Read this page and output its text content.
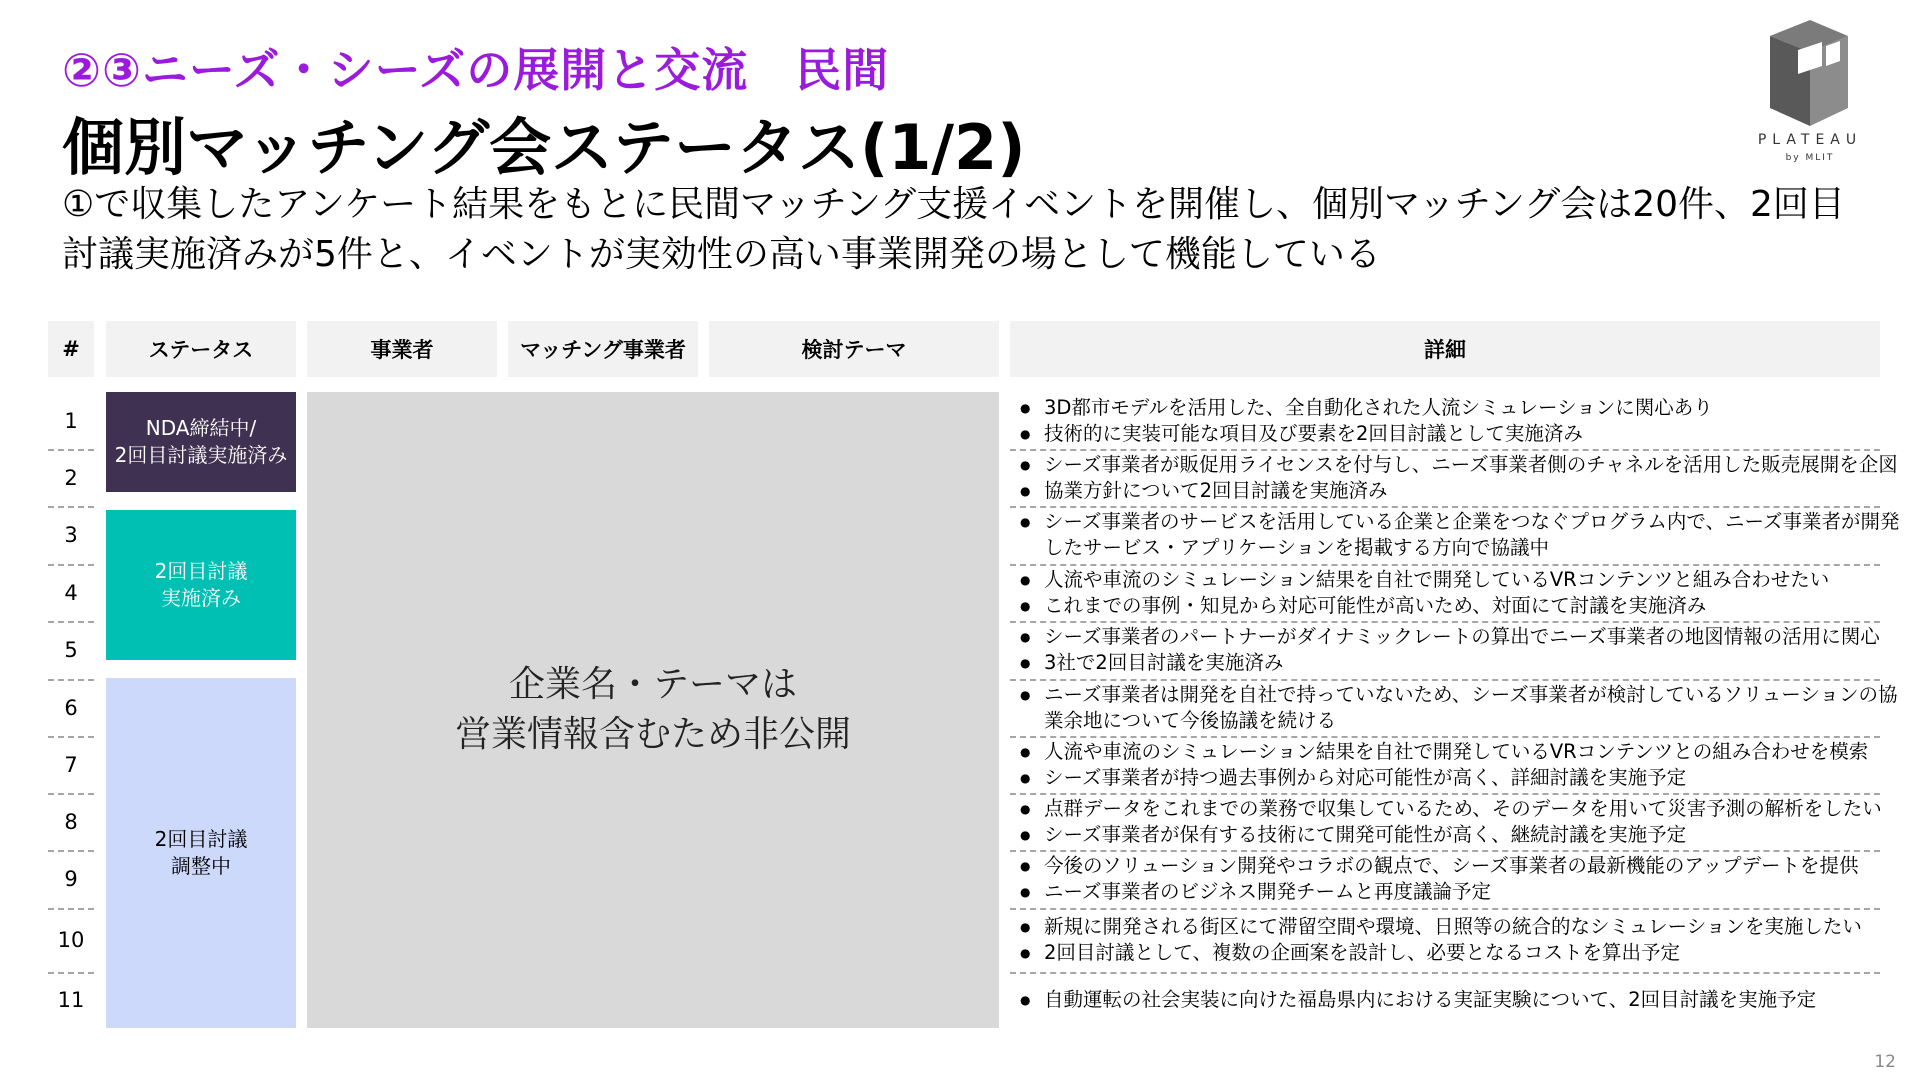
②③ニーズ・シーズの展開と交流　民間
個別マッチング会ステータス(1/2)
①で収集したアンケート結果をもとに民間マッチング支援イベントを開催し、個別マッチング会は20件、2回目討議実施済みが5件と、イベントが実効性の高い事業開発の場として機能している
PLATEAU
by MLIT
#	ステータス	事業者	マッチング事業者	検討テーマ	詳細
NDA締結中/
2回目討議実施済み
2回目討議
実施済み
2回目討議
調整中
企業名・テーマは
営業情報含むため非公開
1
● 3D都市モデルを活用した、全自動化された人流シミュレーションに関心あり
● 技術的に実装可能な項目及び要素を2回目討議として実施済み
2
● シーズ事業者が販促用ライセンスを付与し、ニーズ事業者側のチャネルを活用した販売展開を企図
● 協業方針について2回目討議を実施済み
3
● シーズ事業者のサービスを活用している企業と企業をつなぐプログラム内で、ニーズ事業者が開発したサービス・アプリケーションを掲載する方向で協議中
4
● 人流や車流のシミュレーション結果を自社で開発しているVRコンテンツと組み合わせたい
● これまでの事例・知見から対応可能性が高いため、対面にて討議を実施済み
5
● シーズ事業者のパートナーがダイナミックレートの算出でニーズ事業者の地図情報の活用に関心
● 3社で2回目討議を実施済み
6
● ニーズ事業者は開発を自社で持っていないため、シーズ事業者が検討しているソリューションの協業余地について今後協議を続ける
7
● 人流や車流のシミュレーション結果を自社で開発しているVRコンテンツとの組み合わせを模索
● シーズ事業者が持つ過去事例から対応可能性が高く、詳細討議を実施予定
8
● 点群データをこれまでの業務で収集しているため、そのデータを用いて災害予測の解析をしたい
● シーズ事業者が保有する技術にて開発可能性が高く、継続討議を実施予定
9
● 今後のソリューション開発やコラボの観点で、シーズ事業者の最新機能のアップデートを提供
● ニーズ事業者のビジネス開発チームと再度議論予定
10
● 新規に開発される街区にて滞留空間や環境、日照等の統合的なシミュレーションを実施したい
● 2回目討議として、複数の企画案を設計し、必要となるコストを算出予定
11
●	自動運転の社会実装に向けた福島県内における実証実験について、2回目討議を実施予定
12
